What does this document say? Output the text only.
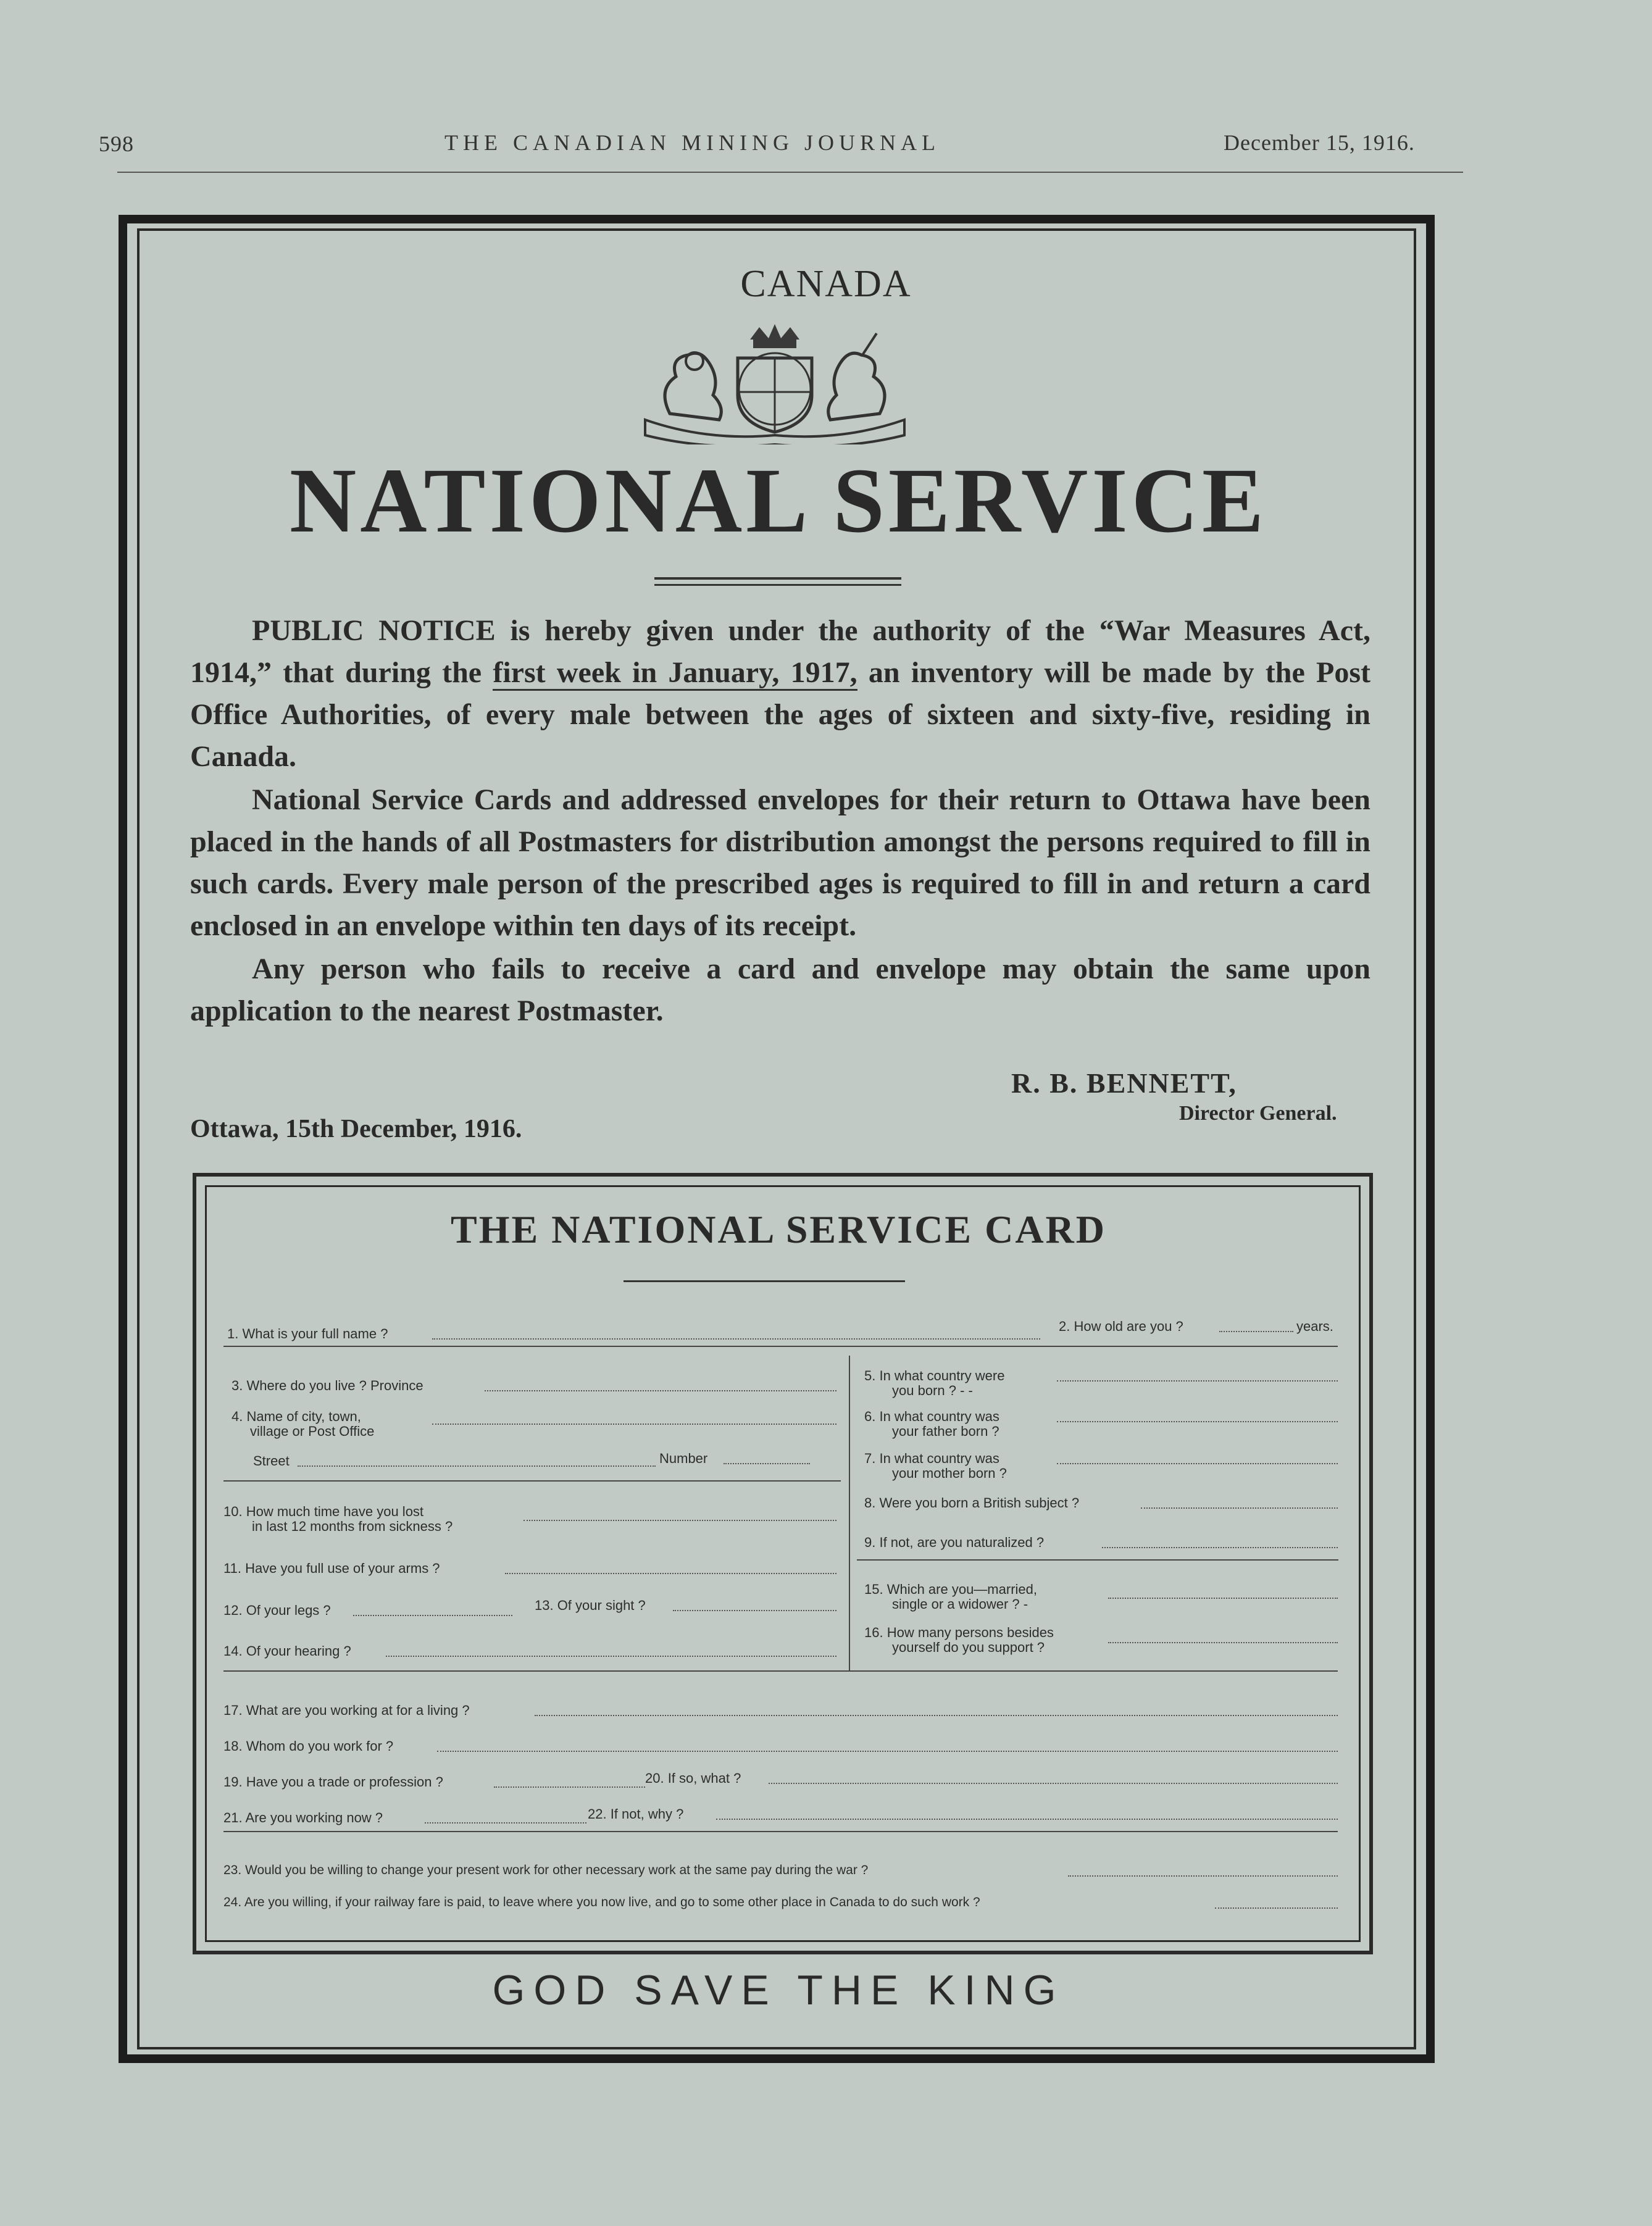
598	THE CANADIAN MINING JOURNAL	December 15, 1916.
CANADA
NATIONAL SERVICE

PUBLIC NOTICE is hereby given under the authority of the “War Measures Act, 1914,” that during the first week in January, 1917, an inventory will be made by the Post Office Authorities, of every male between the ages of sixteen and sixty-five, residing in Canada.

National Service Cards and addressed envelopes for their return to Ottawa have been placed in the hands of all Postmasters for distribution amongst the persons required to fill in such cards. Every male person of the prescribed ages is required to fill in and return a card enclosed in an envelope within ten days of its receipt.

Any person who fails to receive a card and envelope may obtain the same upon application to the nearest Postmaster.

R. B. BENNETT,
Director General.
Ottawa, 15th December, 1916.
THE NATIONAL SERVICE CARD
1. What is your full name ?	2. How old are you ?	years.
3. Where do you live ? Province
4. Name of city, town,
village or Post Office
Street	Number
10. How much time have you lost
in last 12 months from sickness ?
11. Have you full use of your arms ?
12. Of your legs ?	13. Of your sight ?
14. Of your hearing ?
5. In what country were
you born ? - -
6. In what country was
your father born ?
7. In what country was
your mother born ?
8. Were you born a British subject ?
9. If not, are you naturalized ?
15. Which are you—married,
single or a widower ? -
16. How many persons besides
yourself do you support ?
17. What are you working at for a living ?
18. Whom do you work for ?
19. Have you a trade or profession ?	20. If so, what ?
21. Are you working now ?	22. If not, why ?
23. Would you be willing to change your present work for other necessary work at the same pay during the war ?
24. Are you willing, if your railway fare is paid, to leave where you now live, and go to some other place in Canada to do such work ?
GOD SAVE THE KING
